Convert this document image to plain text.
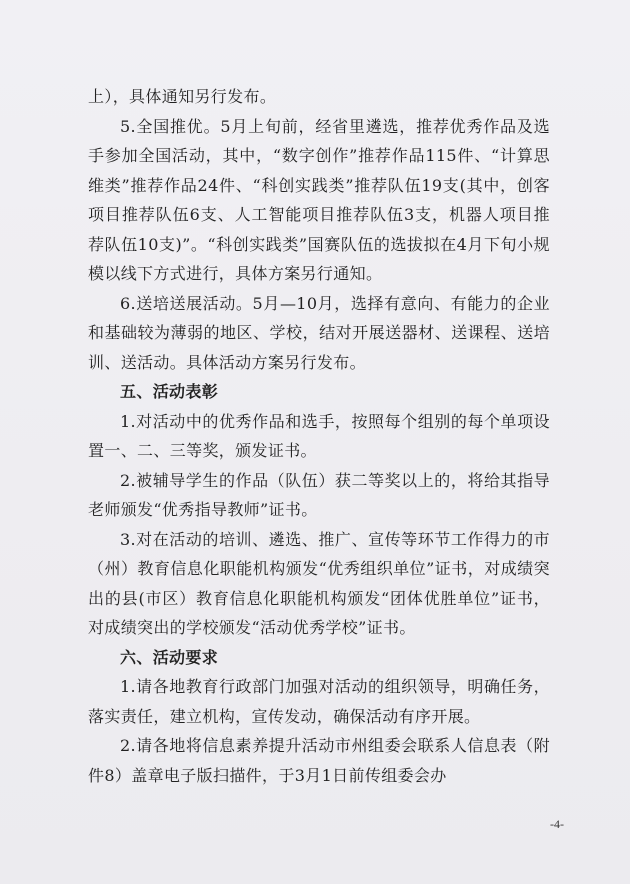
上），具体通知另行发布。

5.全国推优。5月上旬前，经省里遴选，推荐优秀作品及选手参加全国活动，其中，“数字创作”推荐作品115件、“计算思维类”推荐作品24件、“科创实践类”推荐队伍19支(其中，创客项目推荐队伍6支、人工智能项目推荐队伍3支，机器人项目推荐队伍10支)”。“科创实践类”国赛队伍的选拔拟在4月下旬小规模以线下方式进行，具体方案另行通知。

6.送培送展活动。5月—10月，选择有意向、有能力的企业和基础较为薄弱的地区、学校，结对开展送器材、送课程、送培训、送活动。具体活动方案另行发布。

五、活动表彰

1.对活动中的优秀作品和选手，按照每个组别的每个单项设置一、二、三等奖，颁发证书。

2.被辅导学生的作品（队伍）获二等奖以上的，将给其指导老师颁发“优秀指导教师”证书。

3.对在活动的培训、遴选、推广、宣传等环节工作得力的市（州）教育信息化职能机构颁发“优秀组织单位”证书，对成绩突出的县(市区）教育信息化职能机构颁发“团体优胜单位”证书，对成绩突出的学校颁发“活动优秀学校”证书。

六、活动要求

1.请各地教育行政部门加强对活动的组织领导，明确任务，落实责任，建立机构，宣传发动，确保活动有序开展。

2.请各地将信息素养提升活动市州组委会联系人信息表（附件8）盖章电子版扫描件，于3月1日前传组委会办

-4-
